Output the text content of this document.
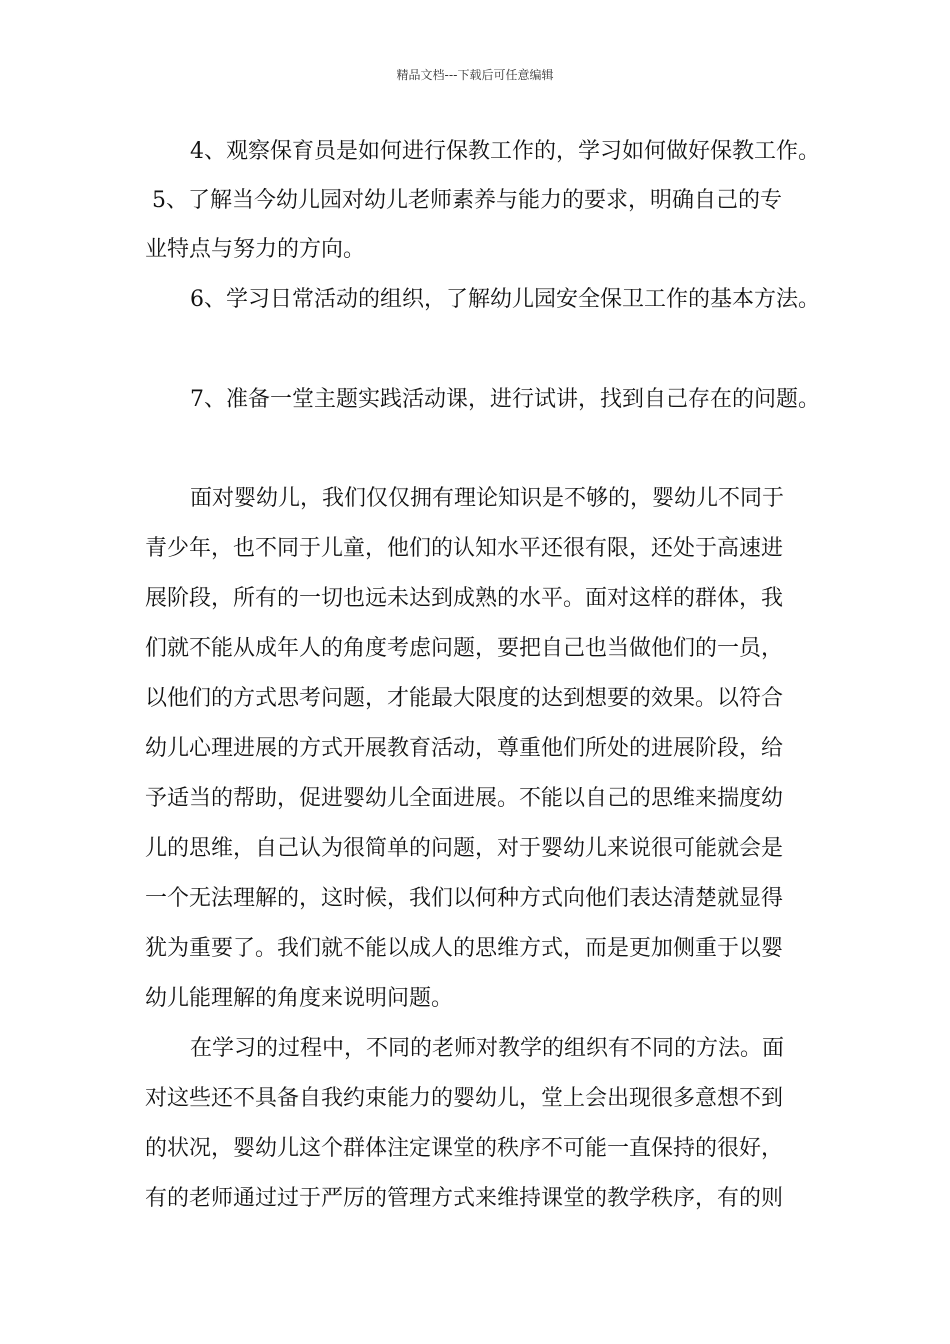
精品文档---下载后可任意编辑
4、观察保育员是如何进行保教工作的，学习如何做好保教工作。
5、了解当今幼儿园对幼儿老师素养与能力的要求，明确自己的专
业特点与努力的方向。
6、学习日常活动的组织，了解幼儿园安全保卫工作的基本方法。
7、准备一堂主题实践活动课，进行试讲，找到自己存在的问题。
面对婴幼儿，我们仅仅拥有理论知识是不够的，婴幼儿不同于
青少年，也不同于儿童，他们的认知水平还很有限，还处于高速进
展阶段，所有的一切也远未达到成熟的水平。面对这样的群体，我
们就不能从成年人的角度考虑问题，要把自己也当做他们的一员，
以他们的方式思考问题，才能最大限度的达到想要的效果。以符合
幼儿心理进展的方式开展教育活动，尊重他们所处的进展阶段，给
予适当的帮助，促进婴幼儿全面进展。不能以自己的思维来揣度幼
儿的思维，自己认为很简单的问题，对于婴幼儿来说很可能就会是
一个无法理解的，这时候，我们以何种方式向他们表达清楚就显得
犹为重要了。我们就不能以成人的思维方式，而是更加侧重于以婴
幼儿能理解的角度来说明问题。
在学习的过程中，不同的老师对教学的组织有不同的方法。面
对这些还不具备自我约束能力的婴幼儿，堂上会出现很多意想不到
的状况，婴幼儿这个群体注定课堂的秩序不可能一直保持的很好，
有的老师通过过于严厉的管理方式来维持课堂的教学秩序，有的则
